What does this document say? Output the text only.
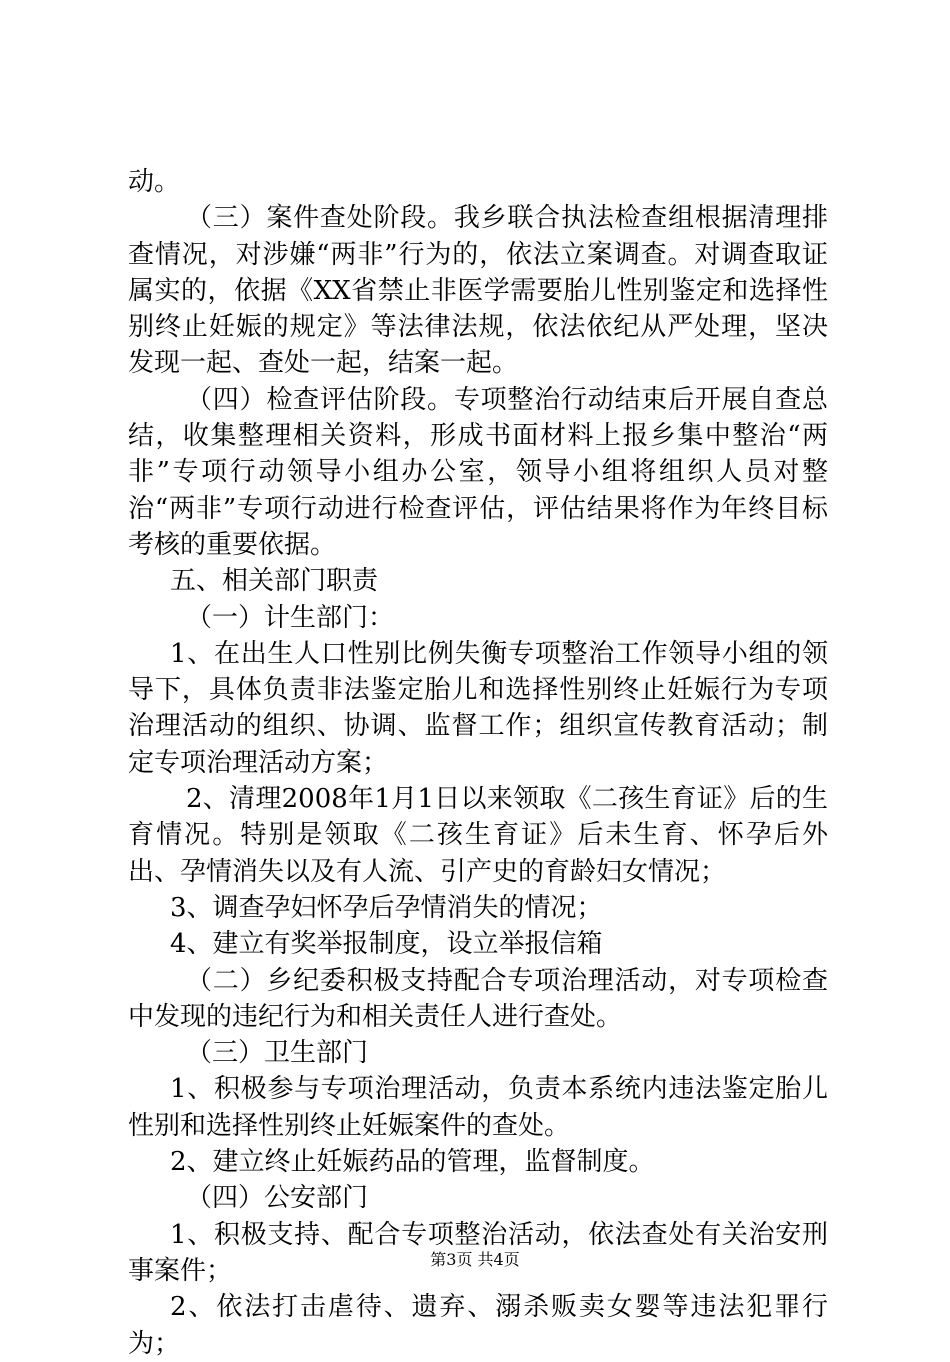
动。

（三）案件查处阶段。我乡联合执法检查组根据清理排查情况，对涉嫌“两非”行为的，依法立案调查。对调查取证属实的，依据《XX省禁止非医学需要胎儿性别鉴定和选择性别终止妊娠的规定》等法律法规，依法依纪从严处理，坚决发现一起、查处一起，结案一起。

（四）检查评估阶段。专项整治行动结束后开展自查总结，收集整理相关资料，形成书面材料上报乡集中整治“两非”专项行动领导小组办公室，领导小组将组织人员对整治“两非”专项行动进行检查评估，评估结果将作为年终目标考核的重要依据。

五、相关部门职责

（一）计生部门：

1、在出生人口性别比例失衡专项整治工作领导小组的领导下，具体负责非法鉴定胎儿和选择性别终止妊娠行为专项治理活动的组织、协调、监督工作；组织宣传教育活动；制定专项治理活动方案；

2、清理2008年1月1日以来领取《二孩生育证》后的生育情况。特别是领取《二孩生育证》后未生育、怀孕后外出、孕情消失以及有人流、引产史的育龄妇女情况；

3、调查孕妇怀孕后孕情消失的情况；

4、建立有奖举报制度，设立举报信箱

（二）乡纪委积极支持配合专项治理活动，对专项检查中发现的违纪行为和相关责任人进行查处。

（三）卫生部门

1、积极参与专项治理活动，负责本系统内违法鉴定胎儿性别和选择性别终止妊娠案件的查处。

2、建立终止妊娠药品的管理，监督制度。

（四）公安部门

1、积极支持、配合专项整治活动，依法查处有关治安刑事案件；

2、依法打击虐待、遗弃、溺杀贩卖女婴等违法犯罪行为；

第3页 共4页
